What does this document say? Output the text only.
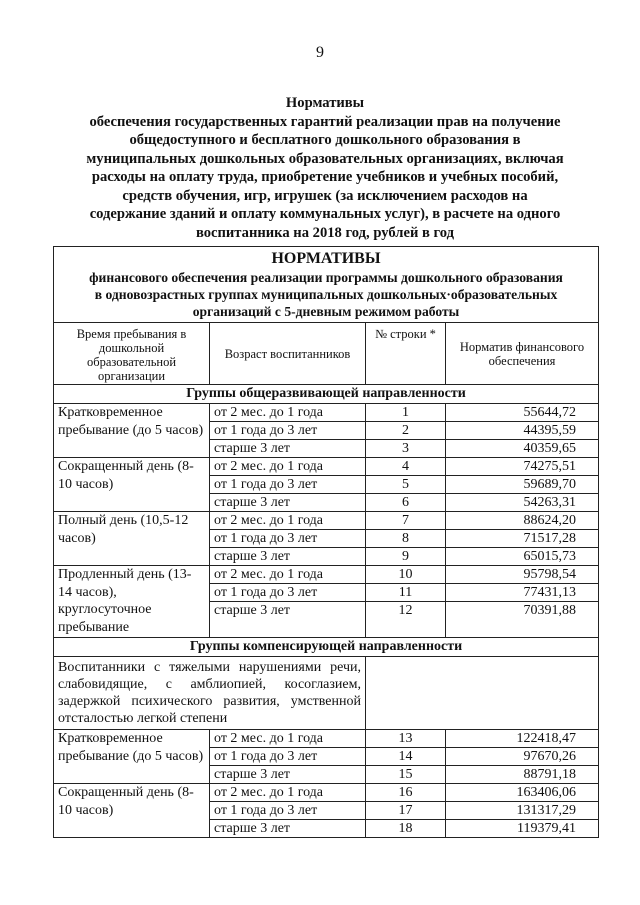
9
Нормативы
обеспечения государственных гарантий реализации прав на получение
общедоступного и бесплатного дошкольного образования в
муниципальных дошкольных образовательных организациях, включая
расходы на оплату труда, приобретение учебников и учебных пособий,
средств обучения, игр, игрушек (за исключением расходов на
содержание зданий и оплату коммунальных услуг), в расчете на одного
воспитанника на 2018 год, рублей в год
НОРМАТИВЫ
финансового обеспечения реализации программы дошкольного образования
в одновозрастных группах муниципальных дошкольных·образовательных
организаций с 5-дневным режимом работы			

Время пребывания в дошкольной образовательной организации	Возраст воспитанников	№ строки *	Норматив финансового обеспечения
Группы общеразвивающей направленности			
Кратковременное пребывание (до 5 часов)	от 2 мес. до 1 года	1	55644,72
	от 1 года до 3 лет	2	44395,59
	старше 3 лет	3	40359,65
Сокращенный день (8-10 часов)	от 2 мес. до 1 года	4	74275,51
	от 1 года до 3 лет	5	59689,70
	старше 3 лет	6	54263,31
Полный день (10,5-12 часов)	от 2 мес. до 1 года	7	88624,20
	от 1 года до 3 лет	8	71517,28
	старше 3 лет	9	65015,73
Продленный день (13-14 часов), круглосуточное пребывание	от 2 мес. до 1 года	10	95798,54
	от 1 года до 3 лет	11	77431,13
	старше 3 лет	12	70391,88
Группы компенсирующей направленности			
Воспитанники с тяжелыми нарушениями речи, слабовидящие, с амблиопией, косоглазием, задержкой психического развития, умственной отсталостью легкой степени			
Кратковременное пребывание (до 5 часов)	от 2 мес. до 1 года	13	122418,47
	от 1 года до 3 лет	14	97670,26
	старше 3 лет	15	88791,18
Сокращенный день (8-10 часов)	от 2 мес. до 1 года	16	163406,06
	от 1 года до 3 лет	17	131317,29
	старше 3 лет	18	119379,41
